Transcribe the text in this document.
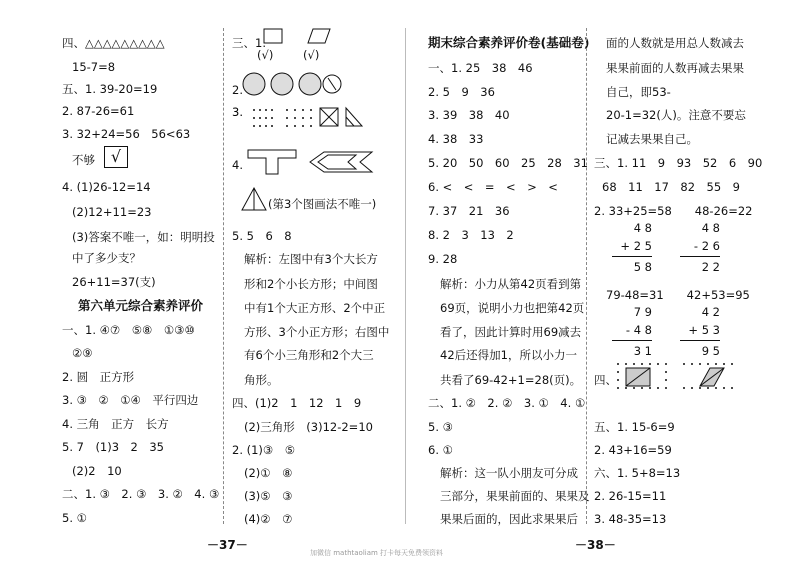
四、△△△△△△△△△
15-7=8
五、1. 39-20=19
2. 87-26=61
3. 32+24=56　56<63
不够 √
4. (1)26-12=14
(2)12+11=23
(3)答案不唯一，如：明明投
中了多少支？
26+11=37(支)
第六单元综合素养评价
一、1. ④⑦　⑤⑧　①③⑩
②⑨
2. 圆　正方形
3. ③　②　①④　平行四边
4. 三角　正方　长方
5. 7　(1)3　2　35
(2)2　10
二、1. ③　2. ③　3. ②　4. ③
5. ①
三、1.
(√)	(√)
2.
3.
4.
(第3个图画法不唯一)
5. 5　6　8
解析：左图中有3个大长方
形和2个小长方形；中间图
中有1个大正方形、2个中正
方形、3个小正方形；右图中
有6个小三角形和2个大三
角形。
四、(1)2　1　12　1　9
(2)三角形　(3)12-2=10
2. (1)③　⑤
(2)①　⑧
(3)⑤　③
(4)②　⑦
期末综合素养评价卷(基础卷)
一、1. 25　38　46
2. 5　9　36
3. 39　38　40
4. 38　33
5. 20　50　60　25　28　31
6. <　<　=　<　>　<
7. 37　21　36
8. 2　3　13　2
9. 28
解析：小力从第42页看到第
69页，说明小力也把第42页
看了，因此计算时用69减去
42后还得加1，所以小力一
共看了69-42+1=28(页)。
二、1. ②　2. ②　3. ①　4. ①
5. ③
6. ①
解析：这一队小朋友可分成
三部分，果果前面的、果果及
果果后面的，因此求果果后
面的人数就是用总人数减去
果果前面的人数再减去果果
自己，即53-
20-1=32(人)。注意不要忘
记减去果果自己。
三、1. 11　9　93　52　6　90
68　11　17　82　55　9
2. 33+25=58　　48-26=22
4 8
+ 2 5
5 8
4 8
- 2 6
2 2
79-48=31　　42+53=95
7 9
- 4 8
3 1
4 2
+ 5 3
9 5
四、
五、1. 15-6=9
2. 43+16=59
六、1. 5+8=13
2. 26-15=11
3. 48-35=13
－37－	－38－
加微信 mathtaoliam 打卡每天免费领资料
